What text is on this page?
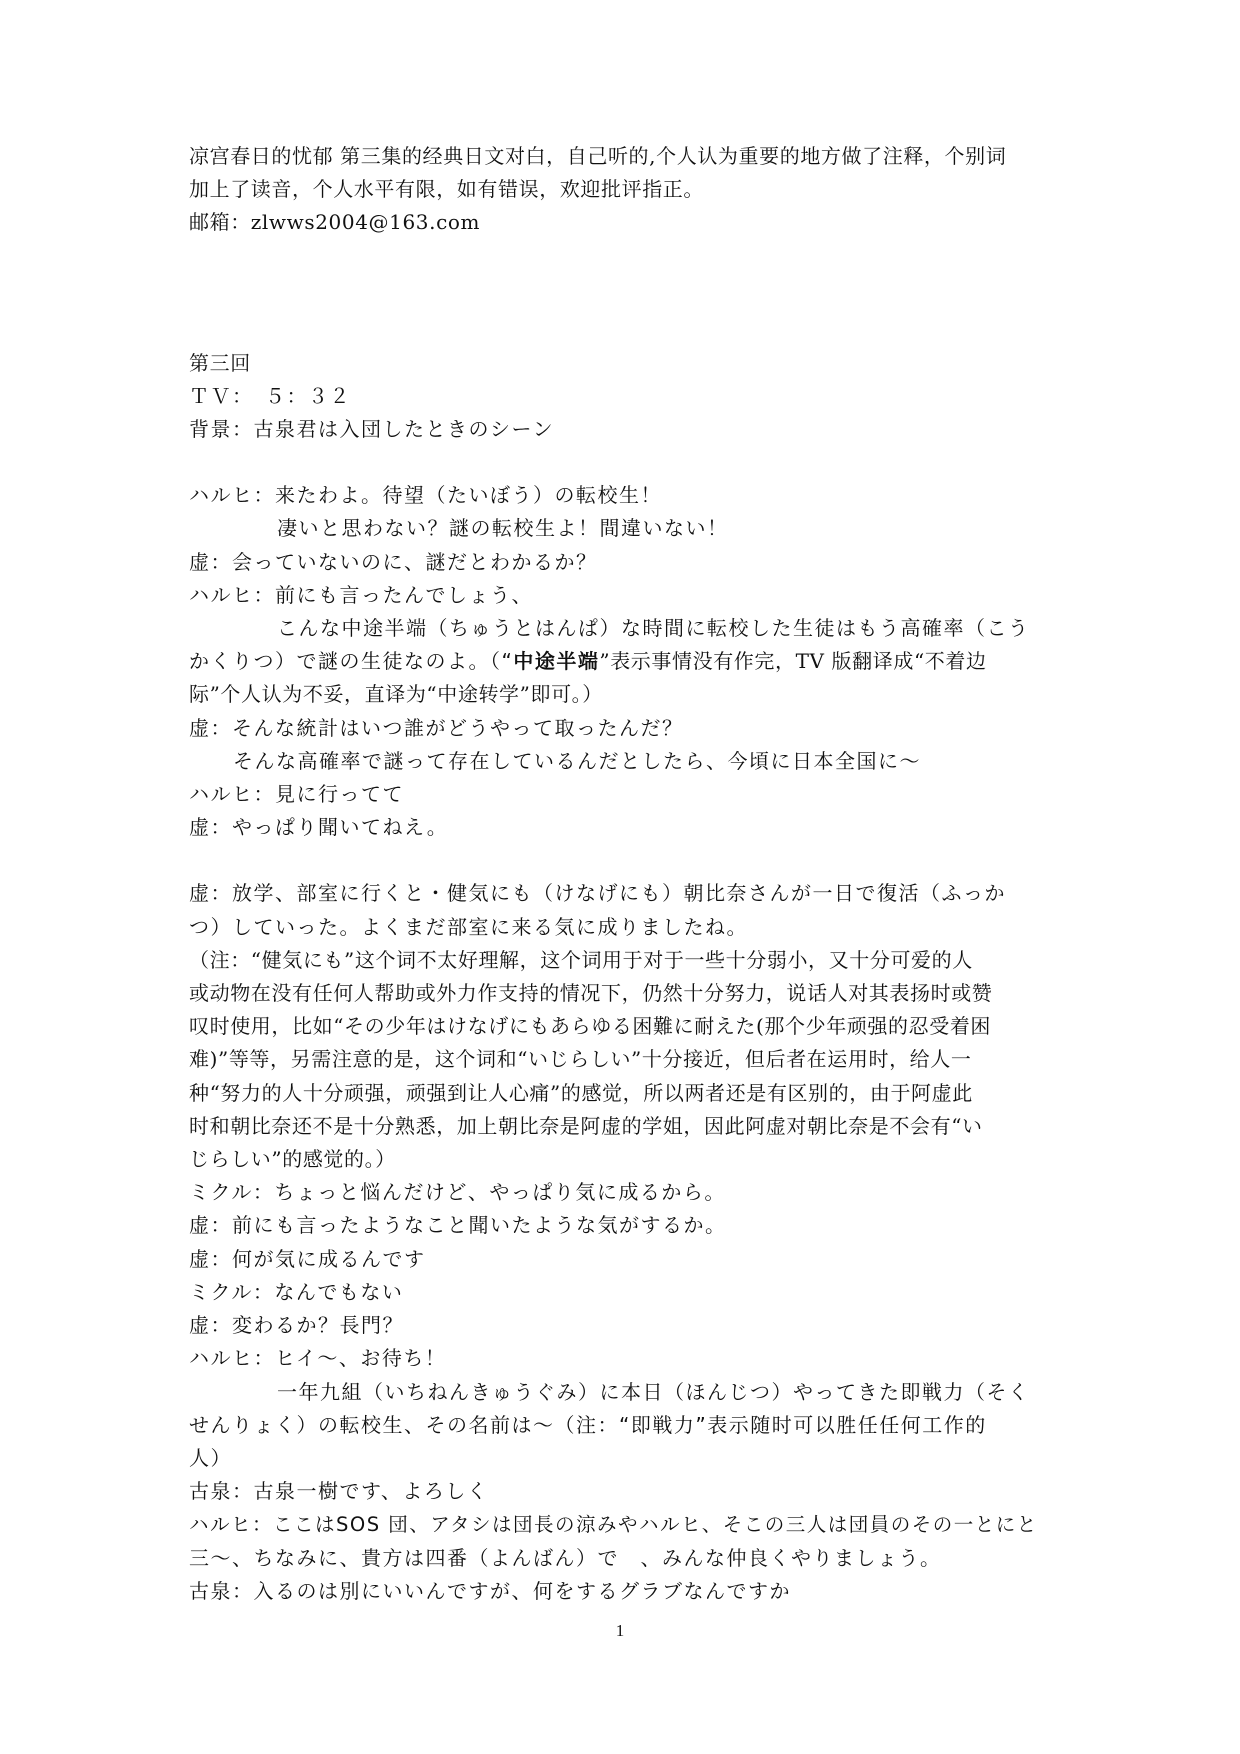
凉宫春日的忧郁 第三集的经典日文对白，自己听的,个人认为重要的地方做了注释，个别词
加上了读音，个人水平有限，如有错误，欢迎批评指正。
邮箱：zlwws2004@163.com
第三回
ＴＶ：　５：３２
背景：古泉君は入団したときのシーン
ハルヒ：来たわよ。待望（たいぼう）の転校生！
凄いと思わない？謎の転校生よ！間違いない！
虚：会っていないのに、謎だとわかるか？
ハルヒ：前にも言ったんでしょう、
こんな中途半端（ちゅうとはんぱ）な時間に転校した生徒はもう高確率（こう
かくりつ）で謎の生徒なのよ。（“中途半端”表示事情没有作完，TV 版翻译成“不着边
际”个人认为不妥，直译为“中途转学”即可。）
虚：そんな統計はいつ誰がどうやって取ったんだ？
そんな高確率で謎って存在しているんだとしたら、今頃に日本全国に～
ハルヒ：見に行ってて
虚：やっぱり聞いてねえ。
虚：放学、部室に行くと・健気にも（けなげにも）朝比奈さんが一日で復活（ふっか
つ）していった。よくまだ部室に来る気に成りましたね。
（注：“健気にも”这个词不太好理解，这个词用于对于一些十分弱小，又十分可爱的人
或动物在没有任何人帮助或外力作支持的情况下，仍然十分努力，说话人对其表扬时或赞
叹时使用，比如“その少年はけなげにもあらゆる困難に耐えた(那个少年顽强的忍受着困
难)”等等，另需注意的是，这个词和“いじらしい”十分接近，但后者在运用时，给人一
种“努力的人十分顽强，顽强到让人心痛”的感觉，所以两者还是有区别的，由于阿虚此
时和朝比奈还不是十分熟悉，加上朝比奈是阿虚的学姐，因此阿虚对朝比奈是不会有“い
じらしい”的感觉的。）
ミクル：ちょっと悩んだけど、やっぱり気に成るから。
虚：前にも言ったようなこと聞いたような気がするか。
虚：何が気に成るんです
ミクル：なんでもない
虚：変わるか？長門？
ハルヒ：ヒイ～、お待ち！
一年九組（いちねんきゅうぐみ）に本日（ほんじつ）やってきた即戦力（そく
せんりょく）の転校生、その名前は～（注：“即戦力”表示随时可以胜任任何工作的
人）
古泉：古泉一樹です、よろしく
ハルヒ：ここはSOS 団、アタシは団長の涼みやハルヒ、そこの三人は団員のその一とにと
三～、ちなみに、貴方は四番（よんばん）で　、みんな仲良くやりましょう。
古泉：入るのは別にいいんですが、何をするグラブなんですか
1
